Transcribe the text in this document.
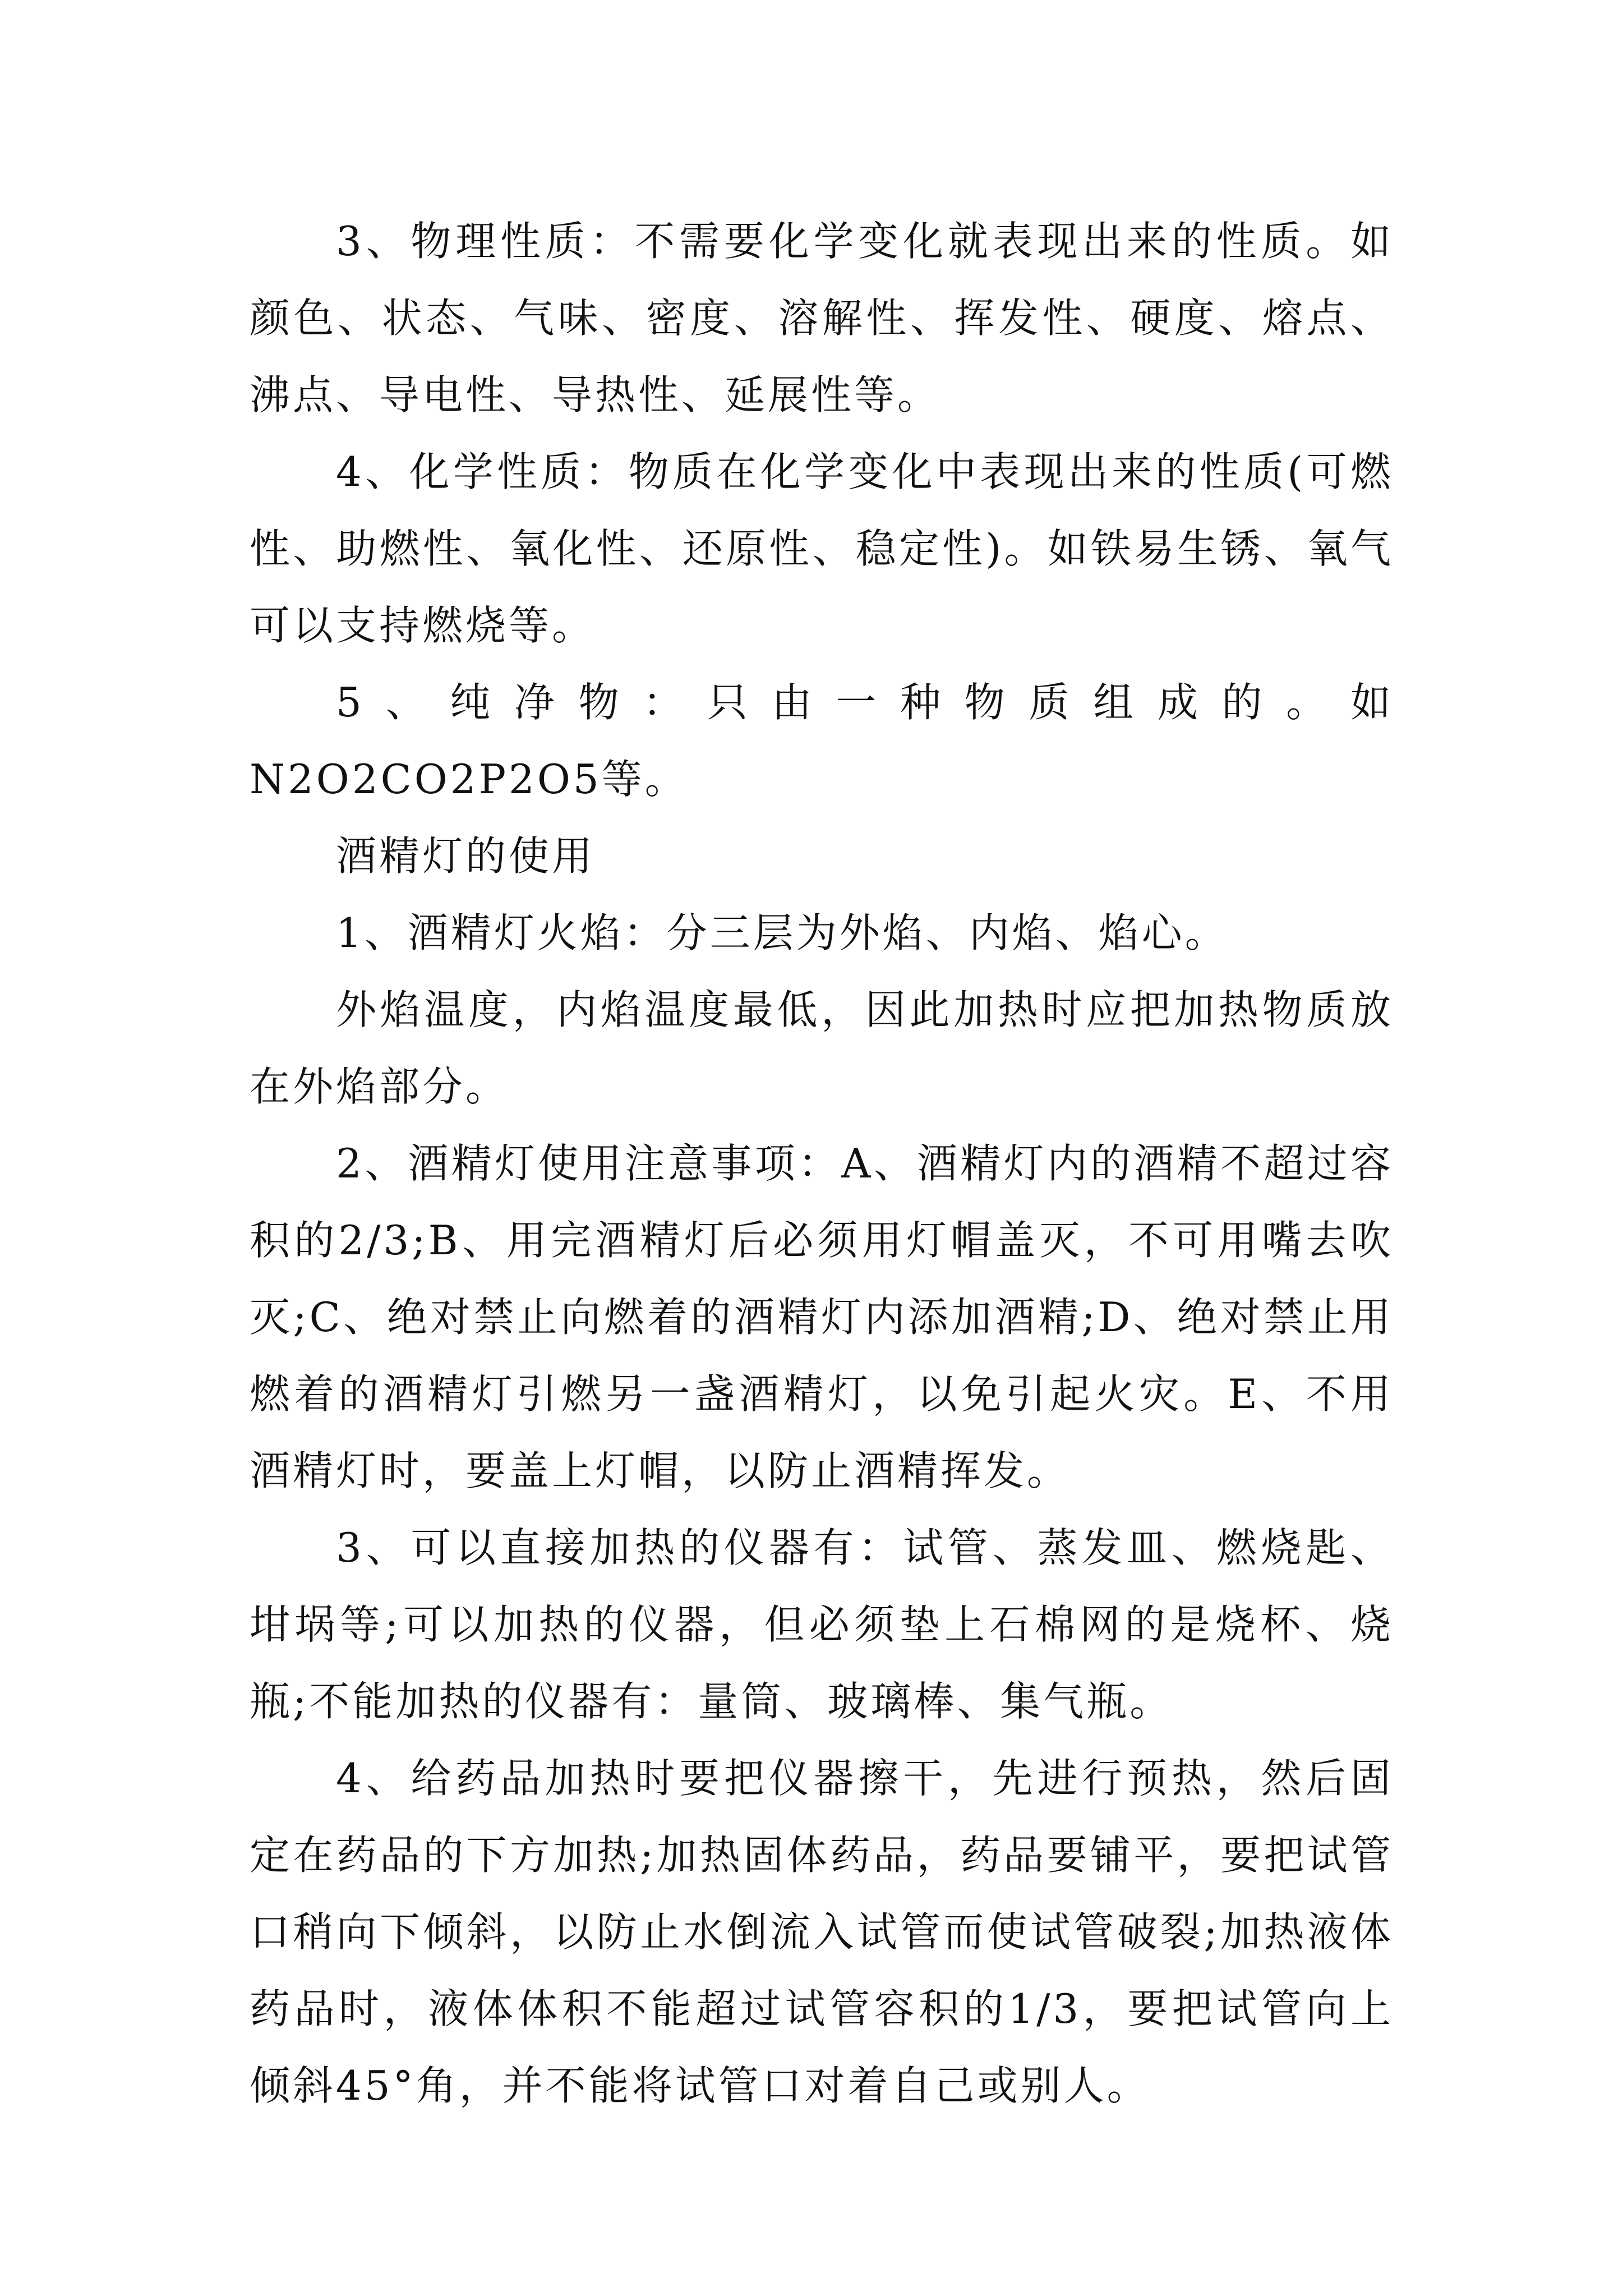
3、物理性质：不需要化学变化就表现出来的性质。如颜色、状态、气味、密度、溶解性、挥发性、硬度、熔点、沸点、导电性、导热性、延展性等。

4、化学性质：物质在化学变化中表现出来的性质(可燃性、助燃性、氧化性、还原性、稳定性)。如铁易生锈、氧气可以支持燃烧等。

5、纯净物：只由一种物质组成的。如N2O2CO2P2O5等。

酒精灯的使用

1、酒精灯火焰：分三层为外焰、内焰、焰心。

外焰温度，内焰温度最低，因此加热时应把加热物质放在外焰部分。

2、酒精灯使用注意事项：A、酒精灯内的酒精不超过容积的2/3;B、用完酒精灯后必须用灯帽盖灭，不可用嘴去吹灭;C、绝对禁止向燃着的酒精灯内添加酒精;D、绝对禁止用燃着的酒精灯引燃另一盏酒精灯，以免引起火灾。E、不用酒精灯时，要盖上灯帽，以防止酒精挥发。

3、可以直接加热的仪器有：试管、蒸发皿、燃烧匙、坩埚等;可以加热的仪器，但必须垫上石棉网的是烧杯、烧瓶;不能加热的仪器有：量筒、玻璃棒、集气瓶。

4、给药品加热时要把仪器擦干，先进行预热，然后固定在药品的下方加热;加热固体药品，药品要铺平，要把试管口稍向下倾斜，以防止水倒流入试管而使试管破裂;加热液体药品时，液体体积不能超过试管容积的1/3，要把试管向上倾斜45°角，并不能将试管口对着自己或别人。
